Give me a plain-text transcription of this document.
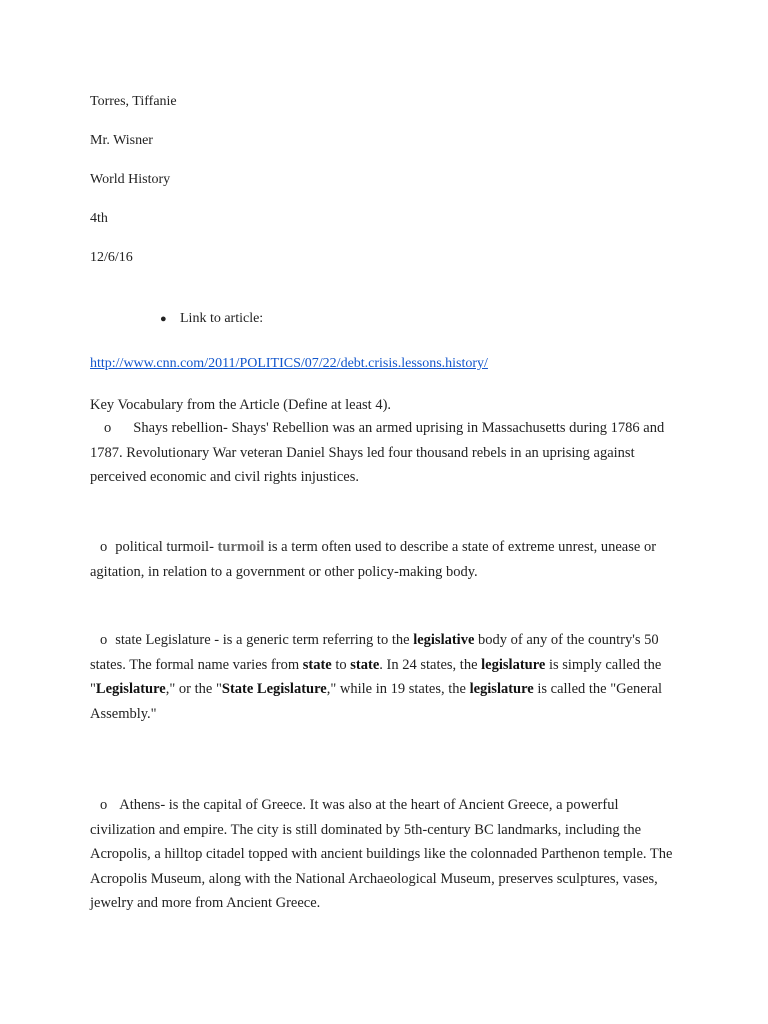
Torres, Tiffanie
Mr. Wisner
World History
4th
12/6/16
● Link to article:
http://www.cnn.com/2011/POLITICS/07/22/debt.crisis.lessons.history/
Key Vocabulary from the Article (Define at least 4).
o Shays rebellion- Shays' Rebellion was an armed uprising in Massachusetts during 1786 and 1787. Revolutionary War veteran Daniel Shays led four thousand rebels in an uprising against perceived economic and civil rights injustices.
o political turmoil- turmoil is a term often used to describe a state of extreme unrest, unease or agitation, in relation to a government or other policy-making body.
o state Legislature - is a generic term referring to the legislative body of any of the country's 50 states. The formal name varies from state to state. In 24 states, the legislature is simply called the "Legislature," or the "State Legislature," while in 19 states, the legislature is called the "General Assembly."
o Athens- is the capital of Greece. It was also at the heart of Ancient Greece, a powerful civilization and empire. The city is still dominated by 5th-century BC landmarks, including the Acropolis, a hilltop citadel topped with ancient buildings like the colonnaded Parthenon temple. The Acropolis Museum, along with the National Archaeological Museum, preserves sculptures, vases, jewelry and more from Ancient Greece.
